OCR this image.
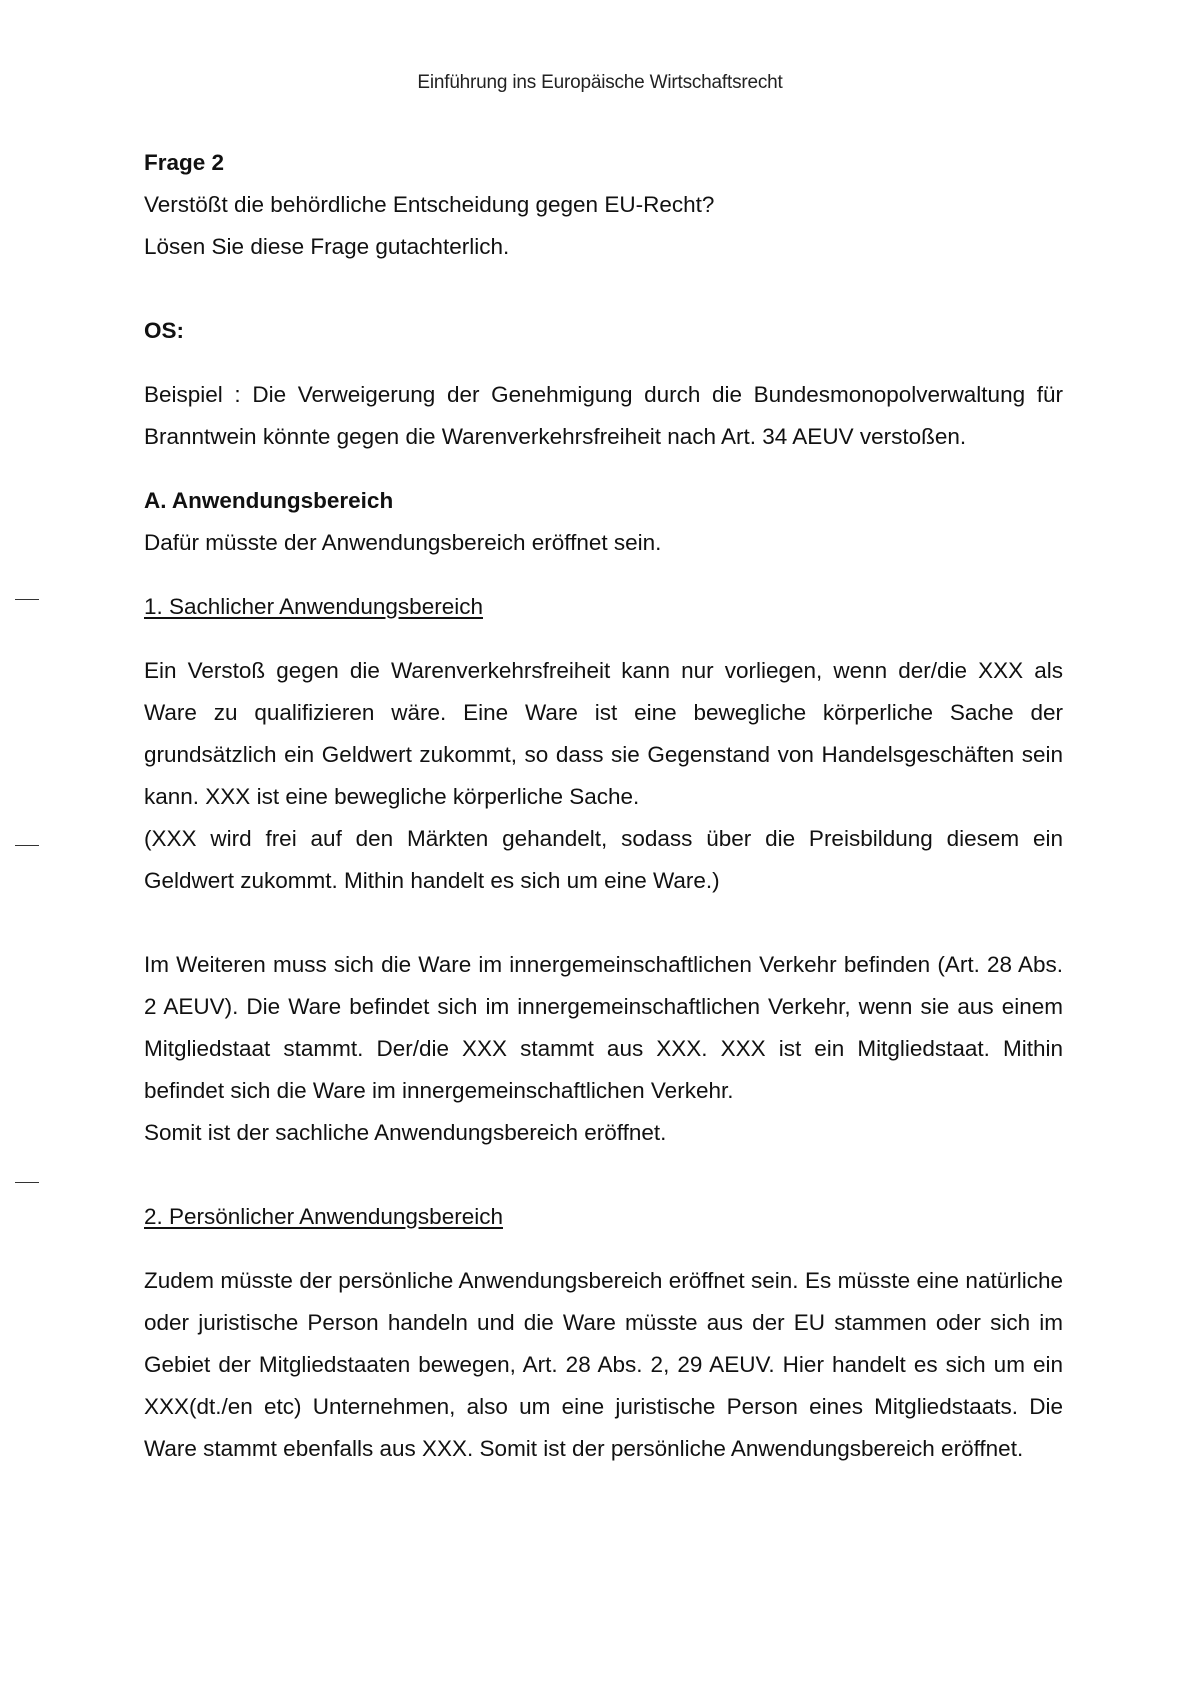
Einführung ins Europäische Wirtschaftsrecht

Frage 2

Verstößt die behördliche Entscheidung gegen EU-Recht?

Lösen Sie diese Frage gutachterlich.

OS:

Beispiel : Die Verweigerung der Genehmigung durch die Bundesmonopolverwaltung für Branntwein könnte gegen die Warenverkehrsfreiheit nach Art. 34 AEUV verstoßen.

A. Anwendungsbereich

Dafür müsste der Anwendungsbereich eröffnet sein.

1. Sachlicher Anwendungsbereich

Ein Verstoß gegen die Warenverkehrsfreiheit kann nur vorliegen, wenn der/die XXX als Ware zu qualifizieren wäre. Eine Ware ist eine bewegliche körperliche Sache der grundsätzlich ein Geldwert zukommt, so dass sie Gegenstand von Handelsgeschäften sein kann. XXX ist eine bewegliche körperliche Sache.

(XXX wird frei auf den Märkten gehandelt, sodass über die Preisbildung diesem ein Geldwert zukommt. Mithin handelt es sich um eine Ware.)

Im Weiteren muss sich die Ware im innergemeinschaftlichen Verkehr befinden (Art. 28 Abs. 2 AEUV). Die Ware befindet sich im innergemeinschaftlichen Verkehr, wenn sie aus einem Mitgliedstaat stammt. Der/die XXX stammt aus XXX. XXX ist ein Mitgliedstaat. Mithin befindet sich die Ware im innergemeinschaftlichen Verkehr.

Somit ist der sachliche Anwendungsbereich eröffnet.

2. Persönlicher Anwendungsbereich

Zudem müsste der persönliche Anwendungsbereich eröffnet sein. Es müsste eine natürliche oder juristische Person handeln und die Ware müsste aus der EU stammen oder sich im Gebiet der Mitgliedstaaten bewegen, Art. 28 Abs. 2, 29 AEUV. Hier handelt es sich um ein XXX(dt./en etc) Unternehmen, also um eine juristische Person eines Mitgliedstaats. Die Ware stammt ebenfalls aus XXX. Somit ist der persönliche Anwendungsbereich eröffnet.
